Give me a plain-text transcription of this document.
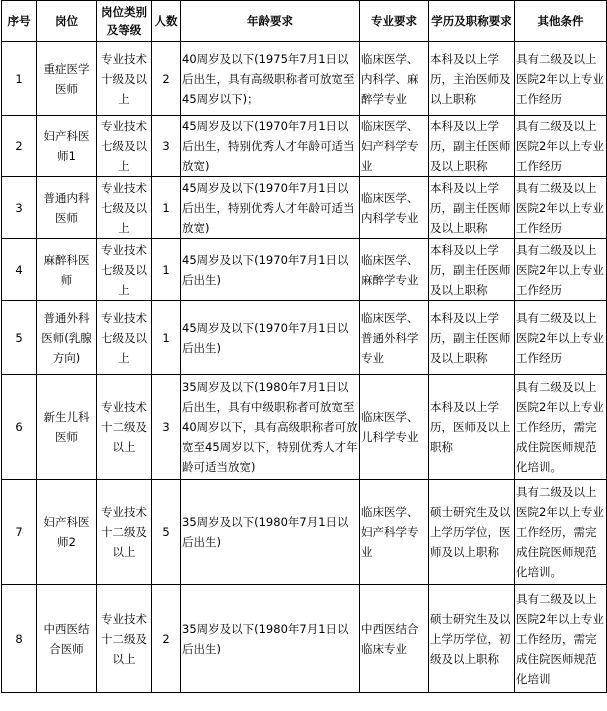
序号	岗位	岗位类别及等级	人数	年龄要求	专业要求	学历及职称要求	其他条件
1	重症医学医师	专业技术十级及以上	2	40周岁及以下(1975年7月1日以后出生，具有高级职称者可放宽至45周岁以下)；	临床医学、内科学、麻醉学专业	本科及以上学历，主治医师及以上职称	具有二级及以上医院2年以上专业工作经历
2	妇产科医师1	专业技术七级及以上	3	45周岁及以下(1970年7月1日以后出生，特别优秀人才年龄可适当放宽)	临床医学、妇产科学专业	本科及以上学历，副主任医师及以上职称	具有二级及以上医院2年以上专业工作经历
3	普通内科医师	专业技术七级及以上	1	45周岁及以下(1970年7月1日以后出生，特别优秀人才年龄可适当放宽)	临床医学、内科学专业	本科及以上学历，副主任医师及以上职称	具有二级及以上医院2年以上专业工作经历
4	麻醉科医师	专业技术七级及以上	1	45周岁及以下(1970年7月1日以后出生)	临床医学、麻醉学专业	本科及以上学历，副主任医师及以上职称	具有二级及以上医院2年以上专业工作经历
5	普通外科医师(乳腺方向)	专业技术七级及以上	1	45周岁及以下(1970年7月1日以后出生)	临床医学、普通外科学专业	本科及以上学历，副主任医师及以上职称	具有二级及以上医院2年以上专业工作经历
6	新生儿科医师	专业技术十二级及以上	3	35周岁及以下(1980年7月1日以后出生，具有中级职称者可放宽至40周岁以下，具有高级职称者可放宽至45周岁以下，特别优秀人才年龄可适当放宽)	临床医学、儿科学专业	本科及以上学历，医师及以上职称	具有二级及以上医院2年以上专业工作经历，需完成住院医师规范化培训。
7	妇产科医师2	专业技术十二级及以上	5	35周岁及以下(1980年7月1日以后出生)	临床医学、妇产科学专业	硕士研究生及以上学历学位，医师及以上职称	具有二级及以上医院2年以上专业工作经历，需完成住院医师规范化培训。
8	中西医结合医师	专业技术十二级及以上	2	35周岁及以下(1980年7月1日以后出生)	中西医结合临床专业	硕士研究生及以上学历学位，初级及以上职称	具有二级及以上医院2年以上专业工作经历，需完成住院医师规范化培训
